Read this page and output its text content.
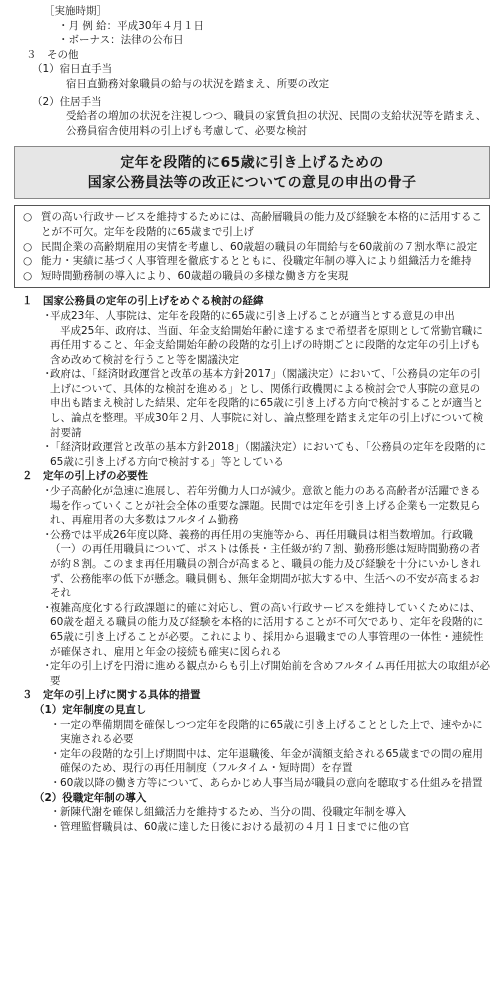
［実施時期］

・月 例 給：平成30年４月１日

・ボーナス：法律の公布日

３　その他

（1）宿日直手当

宿日直勤務対象職員の給与の状況を踏まえ、所要の改定

（2）住居手当

受給者の増加の状況を注視しつつ、職員の家賃負担の状況、民間の支給状況等を踏まえ、公務員宿舎使用料の引上げも考慮して、必要な検討

定年を段階的に65歳に引き上げるための
国家公務員法等の改正についての意見の申出の骨子
○ 質の高い行政サービスを維持するためには、高齢層職員の能力及び経験を本格的に活用することが不可欠。定年を段階的に65歳まで引上げ
○ 民間企業の高齢期雇用の実情を考慮し、60歳超の職員の年間給与を60歳前の７割水準に設定
○ 能力・実績に基づく人事管理を徹底するとともに、役職定年制の導入により組織活力を維持
○ 短時間勤務制の導入により、60歳超の職員の多様な働き方を実現

１　国家公務員の定年の引上げをめぐる検討の経緯

・
平成23年、人事院は、定年を段階的に65歳に引き上げることが適当とする意見の申出

平成25年、政府は、当面、年金支給開始年齢に達するまで希望者を原則として常勤官職に再任用すること、年金支給開始年齢の段階的な引上げの時期ごとに段階的な定年の引上げも含め改めて検討を行うこと等を閣議決定

・
政府は、「経済財政運営と改革の基本方針2017」（閣議決定）において、「公務員の定年の引上げについて、具体的な検討を進める」とし、関係行政機関による検討会で人事院の意見の申出も踏まえ検討した結果、定年を段階的に65歳に引き上げる方向で検討することが適当とし、論点を整理。平成30年２月、人事院に対し、論点整理を踏まえ定年の引上げについて検討要請

・
「経済財政運営と改革の基本方針2018」（閣議決定）においても、「公務員の定年を段階的に65歳に引き上げる方向で検討する」等としている

２　定年の引上げの必要性

・
少子高齢化が急速に進展し、若年労働力人口が減少。意欲と能力のある高齢者が活躍できる場を作っていくことが社会全体の重要な課題。民間では定年を引き上げる企業も一定数見られ、再雇用者の大多数はフルタイム勤務

・
公務では平成26年度以降、義務的再任用の実施等から、再任用職員は相当数増加。行政職（一）の再任用職員について、ポストは係長・主任級が約７割、勤務形態は短時間勤務の者が約８割。このまま再任用職員の割合が高まると、職員の能力及び経験を十分にいかしきれず、公務能率の低下が懸念。職員側も、無年金期間が拡大する中、生活への不安が高まるおそれ

・
複雑高度化する行政課題に的確に対応し、質の高い行政サービスを維持していくためには、60歳を超える職員の能力及び経験を本格的に活用することが不可欠であり、定年を段階的に65歳に引き上げることが必要。これにより、採用から退職までの人事管理の一体性・連続性が確保され、雇用と年金の接続も確実に図られる

・
定年の引上げを円滑に進める観点からも引上げ開始前を含めフルタイム再任用拡大の取組が必要

３　定年の引上げに関する具体的措置

（1）定年制度の見直し

・ 一定の準備期間を確保しつつ定年を段階的に65歳に引き上げることとした上で、速やかに実施される必要

・ 定年の段階的な引上げ期間中は、定年退職後、年金が満額支給される65歳までの間の雇用確保のため、現行の再任用制度（フルタイム・短時間）を存置

・ 60歳以降の働き方等について、あらかじめ人事当局が職員の意向を聴取する仕組みを措置

（2）役職定年制の導入

・ 新陳代謝を確保し組織活力を維持するため、当分の間、役職定年制を導入

・ 管理監督職員は、60歳に達した日後における最初の４月１日までに他の官
